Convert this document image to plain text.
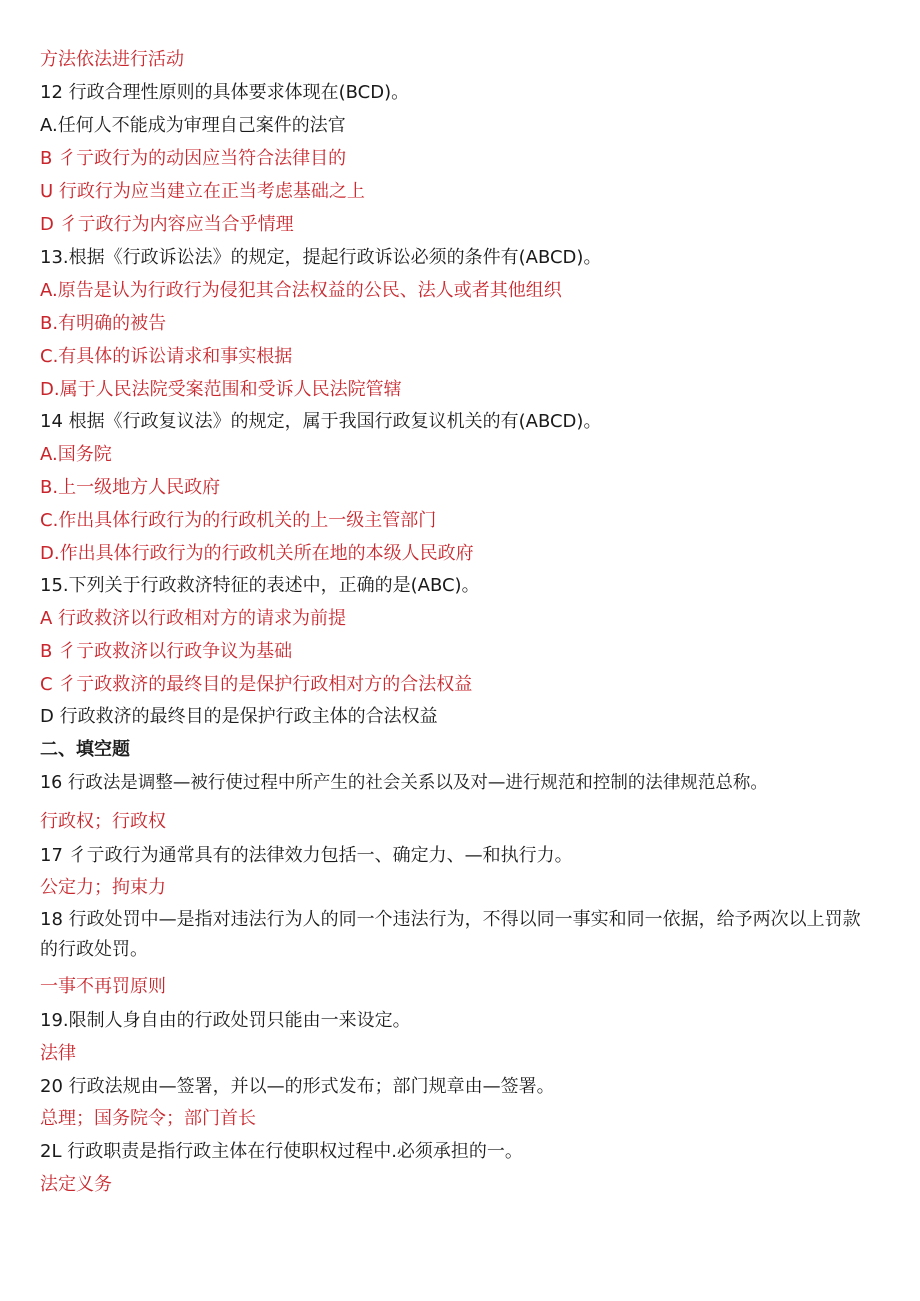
方法依法进行活动
12 行政合理性原则的具体要求体现在(BCD)。
A.任何人不能成为审理自己案件的法官
B 彳亍政行为的动因应当符合法律目的
U 行政行为应当建立在正当考虑基础之上
D 彳亍政行为内容应当合乎情理
13.根据《行政诉讼法》的规定，提起行政诉讼必须的条件有(ABCD)。
A.原告是认为行政行为侵犯其合法权益的公民、法人或者其他组织
B.有明确的被告
C.有具体的诉讼请求和事实根据
D.属于人民法院受案范围和受诉人民法院管辖
14 根据《行政复议法》的规定，属于我国行政复议机关的有(ABCD)。
A.国务院
B.上一级地方人民政府
C.作出具体行政行为的行政机关的上一级主管部门
D.作出具体行政行为的行政机关所在地的本级人民政府
15.下列关于行政救济特征的表述中，正确的是(ABC)。
A 行政救济以行政相对方的请求为前提
B 彳亍政救济以行政争议为基础
C 彳亍政救济的最终目的是保护行政相对方的合法权益
D 行政救济的最终目的是保护行政主体的合法权益
二、填空题
16 行政法是调整—被行使过程中所产生的社会关系以及对—进行规范和控制的法律规范总称。
行政权；行政权
17 彳亍政行为通常具有的法律效力包括一、确定力、—和执行力。
公定力；拘束力
18 行政处罚中—是指对违法行为人的同一个违法行为，不得以同一事实和同一依据，给予两次以上罚款的行政处罚。
一事不再罚原则
19.限制人身自由的行政处罚只能由一来设定。
法律
20 行政法规由—签署，并以—的形式发布；部门规章由—签署。
总理；国务院令；部门首长
2L 行政职责是指行政主体在行使职权过程中.必须承担的一。
法定义务
